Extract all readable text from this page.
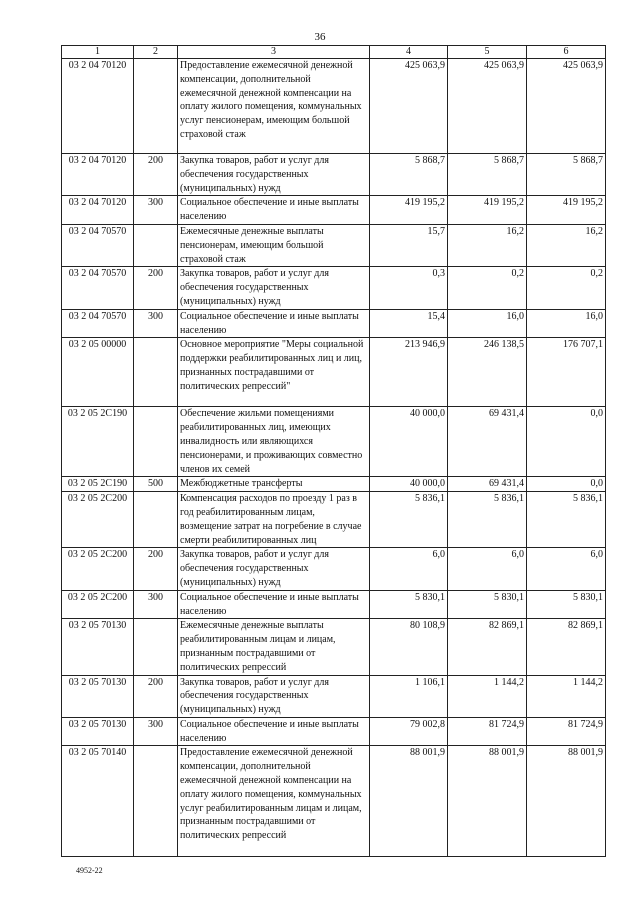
36
1	2	3	4	5	6
03 2 04 70120		Предоставление ежемесячной денежной компенсации, дополнительной ежемесячной денежной компенсации на оплату жилого помещения, коммунальных услуг пенсионерам, имеющим большой страховой стаж	425 063,9	425 063,9	425 063,9
03 2 04 70120	200	Закупка товаров, работ и услуг для обеспечения государственных (муниципальных) нужд	5 868,7	5 868,7	5 868,7
03 2 04 70120	300	Социальное обеспечение и иные выплаты населению	419 195,2	419 195,2	419 195,2
03 2 04 70570		Ежемесячные денежные выплаты пенсионерам, имеющим большой страховой стаж	15,7	16,2	16,2
03 2 04 70570	200	Закупка товаров, работ и услуг для обеспечения государственных (муниципальных) нужд	0,3	0,2	0,2
03 2 04 70570	300	Социальное обеспечение и иные выплаты населению	15,4	16,0	16,0
03 2 05 00000		Основное мероприятие "Меры социальной поддержки реабилитированных лиц и лиц, признанных пострадавшими от политических репрессий"	213 946,9	246 138,5	176 707,1
03 2 05 2С190		Обеспечение жильми помещениями реабилитированных лиц, имеющих инвалидность или являющихся пенсионерами, и проживающих совместно членов их семей	40 000,0	69 431,4	0,0
03 2 05 2С190	500	Межбюджетные трансферты	40 000,0	69 431,4	0,0
03 2 05 2С200		Компенсация расходов по проезду 1 раз в год реабилитированным лицам, возмещение затрат на погребение в случае смерти реабилитированных лиц	5 836,1	5 836,1	5 836,1
03 2 05 2С200	200	Закупка товаров, работ и услуг для обеспечения государственных (муниципальных) нужд	6,0	6,0	6,0
03 2 05 2С200	300	Социальное обеспечение и иные выплаты населению	5 830,1	5 830,1	5 830,1
03 2 05 70130		Ежемесячные денежные выплаты реабилитированным лицам и лицам, признанным пострадавшими от политических репрессий	80 108,9	82 869,1	82 869,1
03 2 05 70130	200	Закупка товаров, работ и услуг для обеспечения государственных (муниципальных) нужд	1 106,1	1 144,2	1 144,2
03 2 05 70130	300	Социальное обеспечение и иные выплаты населению	79 002,8	81 724,9	81 724,9
03 2 05 70140		Предоставление ежемесячной денежной компенсации, дополнительной ежемесячной денежной компенсации на оплату жилого помещения, коммунальных услуг реабилитированным лицам и лицам, признанным пострадавшими от политических репрессий	88 001,9	88 001,9	88 001,9
4952-22
